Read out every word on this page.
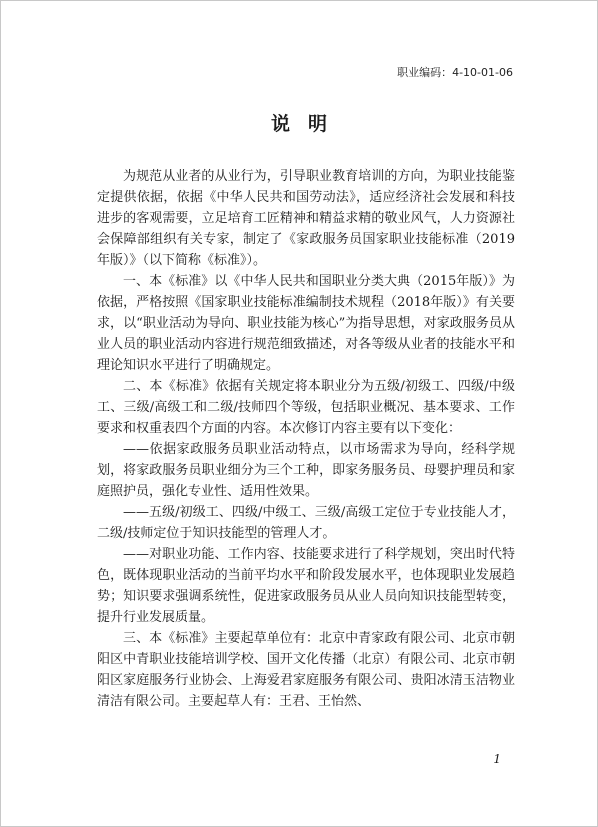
职业编码：4-10-01-06
说明

为规范从业者的从业行为，引导职业教育培训的方向，为职业技能鉴定提供依据，依据《中华人民共和国劳动法》，适应经济社会发展和科技进步的客观需要，立足培育工匠精神和精益求精的敬业风气，人力资源社会保障部组织有关专家，制定了《家政服务员国家职业技能标准（2019年版）》（以下简称《标准》）。

一、本《标准》以《中华人民共和国职业分类大典（2015年版）》为依据，严格按照《国家职业技能标准编制技术规程（2018年版）》有关要求，以“职业活动为导向、职业技能为核心”为指导思想，对家政服务员从业人员的职业活动内容进行规范细致描述，对各等级从业者的技能水平和理论知识水平进行了明确规定。

二、本《标准》依据有关规定将本职业分为五级/初级工、四级/中级工、三级/高级工和二级/技师四个等级，包括职业概况、基本要求、工作要求和权重表四个方面的内容。本次修订内容主要有以下变化：

——依据家政服务员职业活动特点，以市场需求为导向，经科学规划，将家政服务员职业细分为三个工种，即家务服务员、母婴护理员和家庭照护员，强化专业性、适用性效果。

——五级/初级工、四级/中级工、三级/高级工定位于专业技能人才，二级/技师定位于知识技能型的管理人才。

——对职业功能、工作内容、技能要求进行了科学规划，突出时代特色，既体现职业活动的当前平均水平和阶段发展水平，也体现职业发展趋势；知识要求强调系统性，促进家政服务员从业人员向知识技能型转变，提升行业发展质量。

三、本《标准》主要起草单位有：北京中青家政有限公司、北京市朝阳区中青职业技能培训学校、国开文化传播（北京）有限公司、北京市朝阳区家庭服务行业协会、上海爱君家庭服务有限公司、贵阳冰清玉洁物业清洁有限公司。主要起草人有：王君、王怡然、

1
